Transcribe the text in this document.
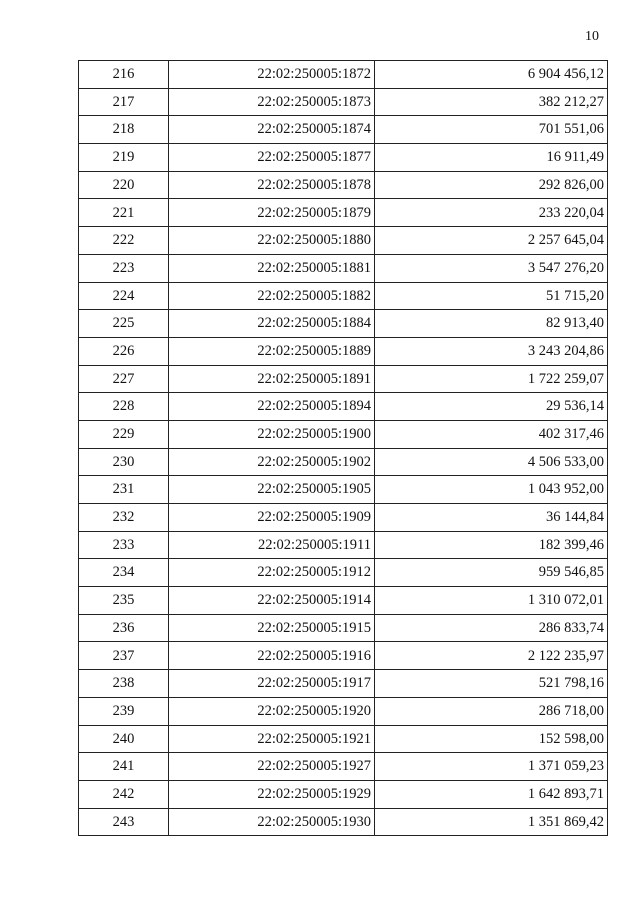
10
216	22:02:250005:1872	6 904 456,12
217	22:02:250005:1873	382 212,27
218	22:02:250005:1874	701 551,06
219	22:02:250005:1877	16 911,49
220	22:02:250005:1878	292 826,00
221	22:02:250005:1879	233 220,04
222	22:02:250005:1880	2 257 645,04
223	22:02:250005:1881	3 547 276,20
224	22:02:250005:1882	51 715,20
225	22:02:250005:1884	82 913,40
226	22:02:250005:1889	3 243 204,86
227	22:02:250005:1891	1 722 259,07
228	22:02:250005:1894	29 536,14
229	22:02:250005:1900	402 317,46
230	22:02:250005:1902	4 506 533,00
231	22:02:250005:1905	1 043 952,00
232	22:02:250005:1909	36 144,84
233	22:02:250005:1911	182 399,46
234	22:02:250005:1912	959 546,85
235	22:02:250005:1914	1 310 072,01
236	22:02:250005:1915	286 833,74
237	22:02:250005:1916	2 122 235,97
238	22:02:250005:1917	521 798,16
239	22:02:250005:1920	286 718,00
240	22:02:250005:1921	152 598,00
241	22:02:250005:1927	1 371 059,23
242	22:02:250005:1929	1 642 893,71
243	22:02:250005:1930	1 351 869,42
